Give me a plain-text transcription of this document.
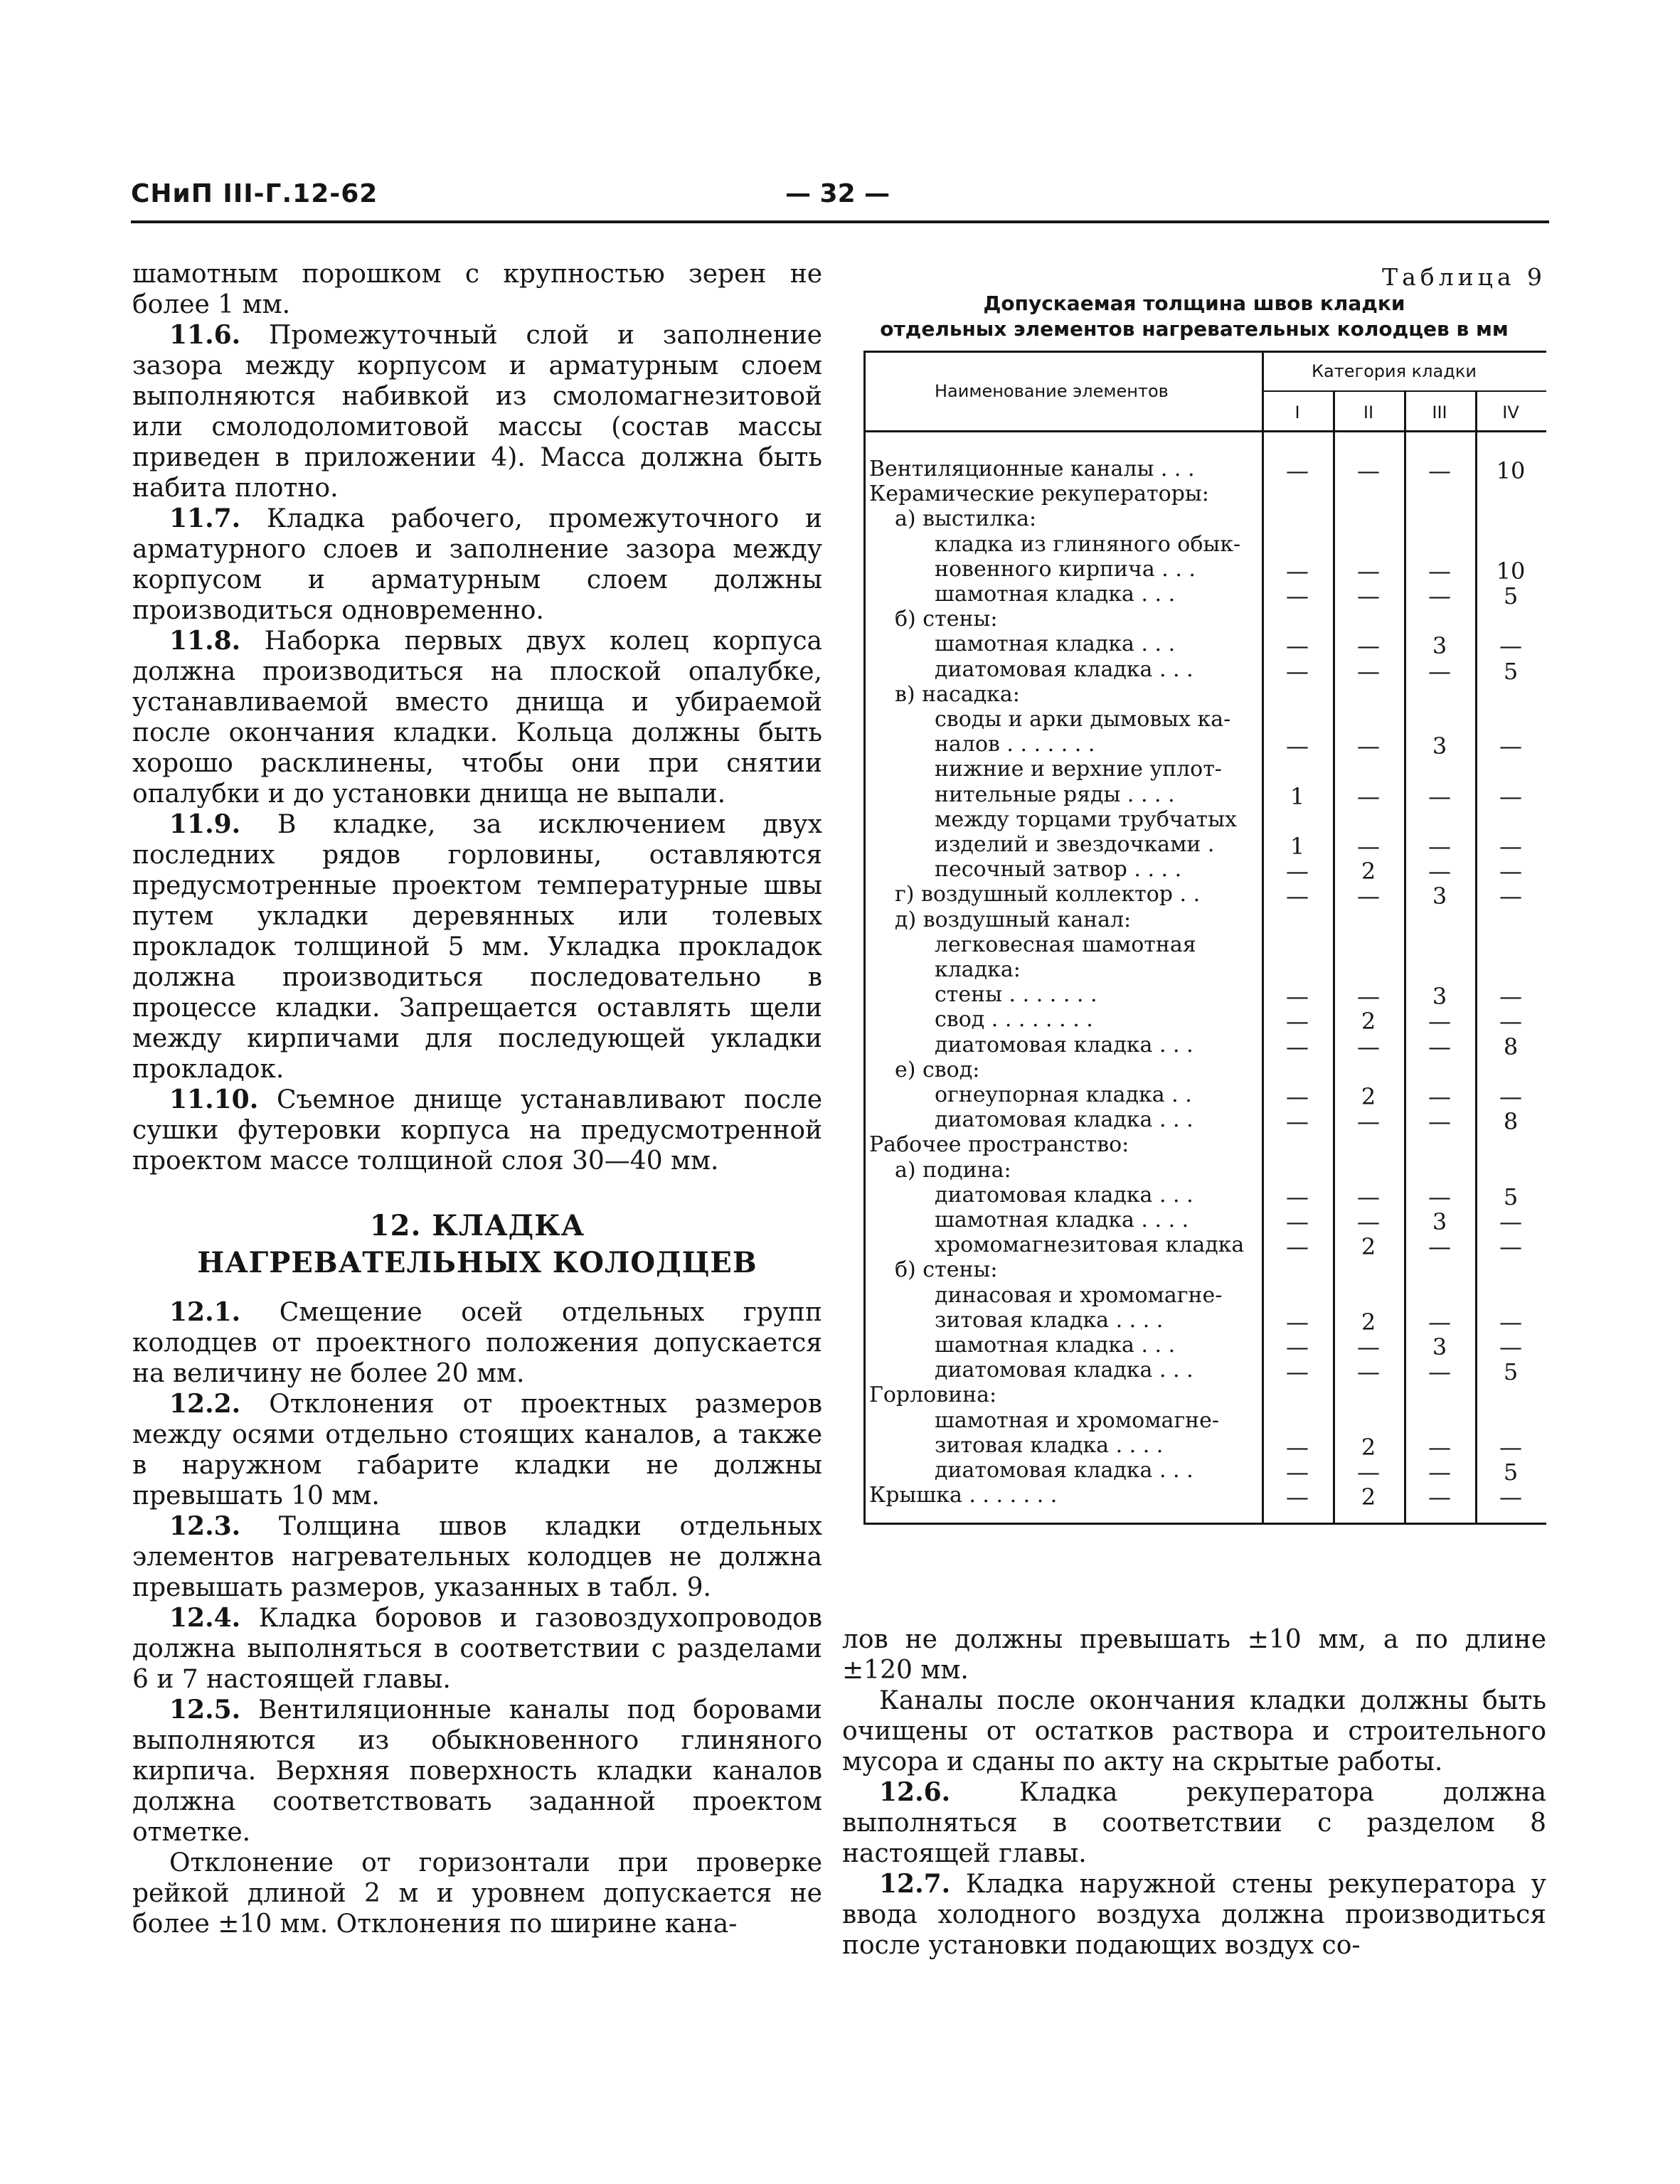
СНиП III-Г.12-62	— 32 —

шамотным порошком с крупностью зерен не более 1 мм.

11.6. Промежуточный слой и заполнение зазора между корпусом и арматурным слоем выполняются набивкой из смоломагнезитовой или смолодоломитовой массы (состав массы приведен в приложении 4). Масса должна быть набита плотно.

11.7. Кладка рабочего, промежуточного и арматурного слоев и заполнение зазора между корпусом и арматурным слоем должны производиться одновременно.

11.8. Наборка первых двух колец корпуса должна производиться на плоской опалубке, устанавливаемой вместо днища и убираемой после окончания кладки. Кольца должны быть хорошо расклинены, чтобы они при снятии опалубки и до установки днища не выпали.

11.9. В кладке, за исключением двух последних рядов горловины, оставляются предусмотренные проектом температурные швы путем укладки деревянных или толевых прокладок толщиной 5 мм. Укладка прокладок должна производиться последовательно в процессе кладки. Запрещается оставлять щели между кирпичами для последующей укладки прокладок.

11.10. Съемное днище устанавливают после сушки футеровки корпуса на предусмотренной проектом массе толщиной слоя 30—40 мм.

12. КЛАДКА
НАГРЕВАТЕЛЬНЫХ КОЛОДЦЕВ

12.1. Смещение осей отдельных групп колодцев от проектного положения допускается на величину не более 20 мм.

12.2. Отклонения от проектных размеров между осями отдельно стоящих каналов, а также в наружном габарите кладки не должны превышать 10 мм.

12.3. Толщина швов кладки отдельных элементов нагревательных колодцев не должна превышать размеров, указанных в табл. 9.

12.4. Кладка боровов и газовоздухопроводов должна выполняться в соответствии с разделами 6 и 7 настоящей главы.

12.5. Вентиляционные каналы под боровами выполняются из обыкновенного глиняного кирпича. Верхняя поверхность кладки каналов должна соответствовать заданной проектом отметке.

Отклонение от горизонтали при проверке рейкой длиной 2 м и уровнем допускается не более ±10 мм. Отклонения по ширине кана-

Таблица 9
Допускаемая толщина швов кладки
отдельных элементов нагревательных колодцев в мм
Наименование элементов
Категория кладки
I	II	III	IV
Вентиляционные каналы . . .	—	—	—	10
Керамические рекуператоры:
а) выстилка:
кладка из глиняного обык-
новенного кирпича . . .	—	—	—	10
шамотная кладка . . .	—	—	—	5
б) стены:
шамотная кладка . . .	—	—	3	—
диатомовая кладка . . .	—	—	—	5
в) насадка:
своды и арки дымовых ка-
налов . . . . . . .	—	—	3	—
нижние и верхние уплот-
нительные ряды . . . .	1	—	—	—
между торцами трубчатых
изделий и звездочками .	1	—	—	—
песочный затвор . . . .	—	2	—	—
г) воздушный коллектор . .	—	—	3	—
д) воздушный канал:
легковесная шамотная
кладка:
стены . . . . . . .	—	—	3	—
свод . . . . . . . .	—	2	—	—
диатомовая кладка . . .	—	—	—	8
е) свод:
огнеупорная кладка . .	—	2	—	—
диатомовая кладка . . .	—	—	—	8
Рабочее пространство:
а) подина:
диатомовая кладка . . .	—	—	—	5
шамотная кладка . . . .	—	—	3	—
хромомагнезитовая кладка	—	2	—	—
б) стены:
динасовая и хромомагне-
зитовая кладка . . . .	—	2	—	—
шамотная кладка . . .	—	—	3	—
диатомовая кладка . . .	—	—	—	5
Горловина:
шамотная и хромомагне-
зитовая кладка . . . .	—	2	—	—
диатомовая кладка . . .	—	—	—	5
Крышка . . . . . . .	—	2	—	—

лов не должны превышать ±10 мм, а по длине ±120 мм.

Каналы после окончания кладки должны быть очищены от остатков раствора и строительного мусора и сданы по акту на скрытые работы.

12.6. Кладка рекуператора должна выполняться в соответствии с разделом 8 настоящей главы.

12.7. Кладка наружной стены рекуператора у ввода холодного воздуха должна производиться после установки подающих воздух со-
